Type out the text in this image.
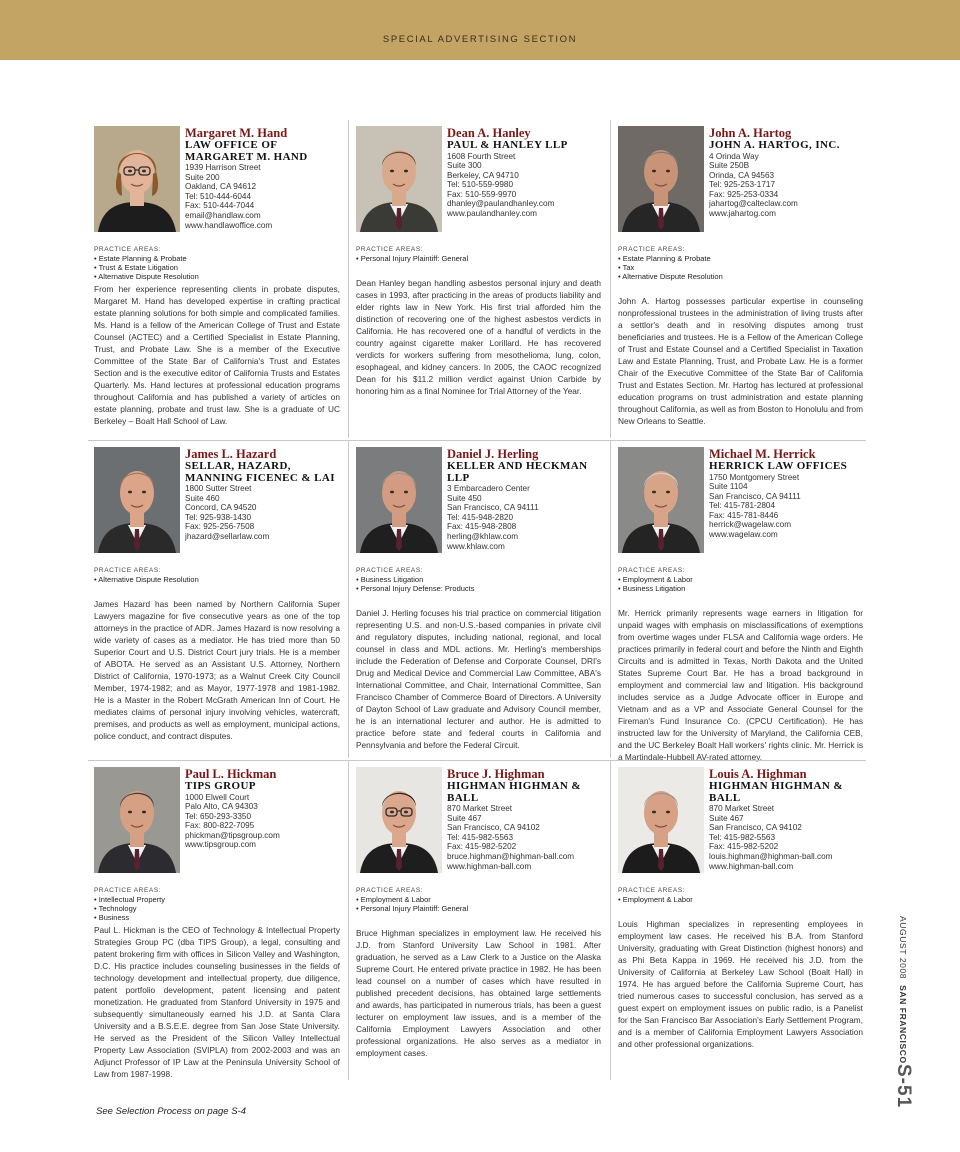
SPECIAL ADVERTISING SECTION
Margaret M. Hand
LAW OFFICE OF
MARGARET M. HAND
1939 Harrison Street
Suite 200
Oakland, CA 94612
Tel: 510-444-6044
Fax: 510-444-7044
email@handlaw.com
www.handlawoffice.com
PRACTICE AREAS:
• Estate Planning & Probate
• Trust & Estate Litigation
• Alternative Dispute Resolution
From her experience representing clients in probate disputes, Margaret M. Hand has developed expertise in crafting practical estate planning solutions for both simple and complicated families. Ms. Hand is a fellow of the American College of Trust and Estate Counsel (ACTEC) and a Certified Specialist in Estate Planning, Trust, and Probate Law. She is a member of the Executive Committee of the State Bar of California's Trust and Estates Section and is the executive editor of California Trusts and Estates Quarterly. Ms. Hand lectures at professional education programs throughout California and has published a variety of articles on estate planning, probate and trust law. She is a graduate of UC Berkeley – Boalt Hall School of Law.
Dean A. Hanley
PAUL & HANLEY LLP
1608 Fourth Street
Suite 300
Berkeley, CA 94710
Tel: 510-559-9980
Fax: 510-559-9970
dhanley@paulandhanley.com
www.paulandhanley.com
PRACTICE AREAS:
• Personal Injury Plaintiff: General
Dean Hanley began handling asbestos personal injury and death cases in 1993, after practicing in the areas of products liability and elder rights law in New York. His first trial afforded him the distinction of recovering one of the highest asbestos verdicts in California. He has recovered one of a handful of verdicts in the country against cigarette maker Lorillard. He has recovered verdicts for workers suffering from mesothelioma, lung, colon, esophageal, and kidney cancers. In 2005, the CAOC recognized Dean for his $11.2 million verdict against Union Carbide by honoring him as a final Nominee for Trial Attorney of the Year.
John A. Hartog
JOHN A. HARTOG, INC.
4 Orinda Way
Suite 250B
Orinda, CA 94563
Tel: 925-253-1717
Fax: 925-253-0334
jahartog@calteclaw.com
www.jahartog.com
PRACTICE AREAS:
• Estate Planning & Probate
• Tax
• Alternative Dispute Resolution
John A. Hartog possesses particular expertise in counseling nonprofessional trustees in the administration of living trusts after a settlor's death and in resolving disputes among trust beneficiaries and trustees. He is a Fellow of the American College of Trust and Estate Counsel and a Certified Specialist in Taxation Law and Estate Planning, Trust, and Probate Law. He is a former Chair of the Executive Committee of the State Bar of California Trust and Estates Section. Mr. Hartog has lectured at professional education programs on trust administration and estate planning throughout California, as well as from Boston to Honolulu and from New Orleans to Seattle.
James L. Hazard
SELLAR, HAZARD,
MANNING FICENEC & LAI
1800 Sutter Street
Suite 460
Concord, CA 94520
Tel: 925-938-1430
Fax: 925-256-7508
jhazard@sellarlaw.com
PRACTICE AREAS:
• Alternative Dispute Resolution
James Hazard has been named by Northern California Super Lawyers magazine for five consecutive years as one of the top attorneys in the practice of ADR. James Hazard is now resolving a wide variety of cases as a mediator. He has tried more than 50 Superior Court and U.S. District Court jury trials. He is a member of ABOTA. He served as an Assistant U.S. Attorney, Northern District of California, 1970-1973; as a Walnut Creek City Council Member, 1974-1982; and as Mayor, 1977-1978 and 1981-1982. He is a Master in the Robert McGrath American Inn of Court. He mediates claims of personal injury involving vehicles, watercraft, premises, and products as well as employment, municipal actions, police conduct, and contract disputes.
Daniel J. Herling
KELLER AND HECKMAN
LLP
3 Embarcadero Center
Suite 450
San Francisco, CA 94111
Tel: 415-948-2820
Fax: 415-948-2808
herling@khlaw.com
www.khlaw.com
PRACTICE AREAS:
• Business Litigation
• Personal Injury Defense: Products
Daniel J. Herling focuses his trial practice on commercial litigation representing U.S. and non-U.S.-based companies in private civil and regulatory disputes, including national, regional, and local counsel in class and MDL actions. Mr. Herling's memberships include the Federation of Defense and Corporate Counsel, DRI's Drug and Medical Device and Commercial Law Committee, ABA's International Committee, and Chair, International Committee, San Francisco Chamber of Commerce Board of Directors. A University of Dayton School of Law graduate and Advisory Council member, he is an international lecturer and author. He is admitted to practice before state and federal courts in California and Pennsylvania and before the Federal Circuit.
Michael M. Herrick
HERRICK LAW OFFICES
1750 Montgomery Street
Suite 1104
San Francisco, CA 94111
Tel: 415-781-2804
Fax: 415-781-8446
herrick@wagelaw.com
www.wagelaw.com
PRACTICE AREAS:
• Employment & Labor
• Business Litigation
Mr. Herrick primarily represents wage earners in litigation for unpaid wages with emphasis on misclassifications of exemptions from overtime wages under FLSA and California wage orders. He practices primarily in federal court and before the Ninth and Eighth Circuits and is admitted in Texas, North Dakota and the United States Supreme Court Bar. He has a broad background in employment and commercial law and litigation. His background includes service as a Judge Advocate officer in Europe and Vietnam and as a VP and Associate General Counsel for the Fireman's Fund Insurance Co. (CPCU Certification). He has instructed law for the University of Maryland, the California CEB, and the UC Berkeley Boalt Hall workers' rights clinic. Mr. Herrick is a Martindale-Hubbell AV-rated attorney.
Paul L. Hickman
TIPS GROUP
1000 Elwell Court
Palo Alto, CA 94303
Tel: 650-293-3350
Fax: 800-822-7095
phickman@tipsgroup.com
www.tipsgroup.com
PRACTICE AREAS:
• Intellectual Property
• Technology
• Business
Paul L. Hickman is the CEO of Technology & Intellectual Property Strategies Group PC (dba TIPS Group), a legal, consulting and patent brokering firm with offices in Silicon Valley and Washington, D.C. His practice includes counseling businesses in the fields of technology development and intellectual property, due diligence, patent portfolio development, patent licensing and patent monetization. He graduated from Stanford University in 1975 and subsequently simultaneously earned his J.D. at Santa Clara University and a B.S.E.E. degree from San Jose State University. He served as the President of the Silicon Valley Intellectual Property Law Association (SVIPLA) from 2002-2003 and was an Adjunct Professor of IP Law at the Peninsula University School of Law from 1987-1998.
Bruce J. Highman
HIGHMAN HIGHMAN &
BALL
870 Market Street
Suite 467
San Francisco, CA 94102
Tel: 415-982-5563
Fax: 415-982-5202
bruce.highman@highman-ball.com
www.highman-ball.com
PRACTICE AREAS:
• Employment & Labor
• Personal Injury Plaintiff: General
Bruce Highman specializes in employment law. He received his J.D. from Stanford University Law School in 1981. After graduation, he served as a Law Clerk to a Justice on the Alaska Supreme Court. He entered private practice in 1982. He has been lead counsel on a number of cases which have resulted in published precedent decisions, has obtained large settlements and awards, has participated in numerous trials, has been a guest lecturer on employment law issues, and is a member of the California Employment Lawyers Association and other professional organizations. He also serves as a mediator in employment cases.
Louis A. Highman
HIGHMAN HIGHMAN &
BALL
870 Market Street
Suite 467
San Francisco, CA 94102
Tel: 415-982-5563
Fax: 415-982-5202
louis.highman@highman-ball.com
www.highman-ball.com
PRACTICE AREAS:
• Employment & Labor
Louis Highman specializes in representing employees in employment law cases. He received his B.A. from Stanford University, graduating with Great Distinction (highest honors) and as Phi Beta Kappa in 1969. He received his J.D. from the University of California at Berkeley Law School (Boalt Hall) in 1974. He has argued before the California Supreme Court, has tried numerous cases to successful conclusion, has served as a guest expert on employment issues on public radio, is a Panelist for the San Francisco Bar Association's Early Settlement Program, and is a member of California Employment Lawyers Association and other professional organizations.
AUGUST 2008  SAN FRANCISCO
S-51
See Selection Process on page S-4
